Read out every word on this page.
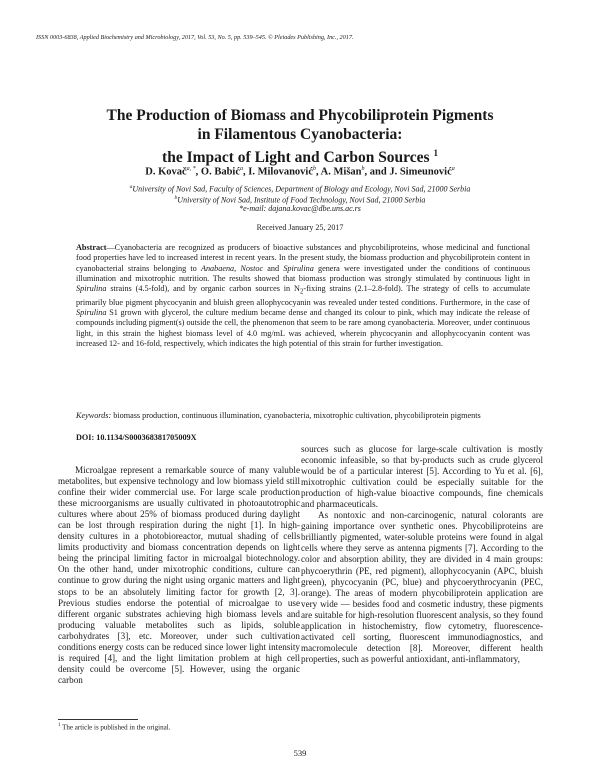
ISSN 0003-6838, Applied Biochemistry and Microbiology, 2017, Vol. 53, No. 5, pp. 539–545. © Pleiades Publishing, Inc., 2017.
The Production of Biomass and Phycobiliprotein Pigments
in Filamentous Cyanobacteria:
the Impact of Light and Carbon Sources $^1$
D. Kovač$^{a, *}$, O. Babić$^a$, I. Milovanović$^b$, A. Mišan$^b$, and J. Simeunović$^a$
$^a$University of Novi Sad, Faculty of Sciences, Department of Biology and Ecology, Novi Sad, 21000 Serbia
$^b$University of Novi Sad, Institute of Food Technology, Novi Sad, 21000 Serbia
*e-mail: dajana.kovac@dbe.uns.ac.rs
Received January 25, 2017
Abstract—Cyanobacteria are recognized as producers of bioactive substances and phycobiliproteins, whose medicinal and functional food properties have led to increased interest in recent years. In the present study, the biomass production and phycobiliprotein content in cyanobacterial strains belonging to Anabaena, Nostoc and Spirulina genera were investigated under the conditions of continuous illumination and mixotrophic nutrition. The results showed that biomass production was strongly stimulated by continuous light in Spirulina strains (4.5-fold), and by organic carbon sources in $N_2$-fixing strains (2.1–2.8-fold). The strategy of cells to accumulate primarily blue pigment phycocyanin and bluish green allophycocyanin was revealed under tested conditions. Furthermore, in the case of Spirulina S1 grown with glycerol, the culture medium became dense and changed its colour to pink, which may indicate the release of compounds including pigment(s) outside the cell, the phenomenon that seem to be rare among cyanobacteria. Moreover, under continuous light, in this strain the highest biomass level of 4.0 mg/mL was achieved, wherein phycocyanin and allophycocyanin content was increased 12- and 16-fold, respectively, which indicates the high potential of this strain for further investigation.
Keywords: biomass production, continuous illumination, cyanobacteria, mixotrophic cultivation, phycobiliprotein pigments
DOI: 10.1134/S000368381705009X

Microalgae represent a remarkable source of many valuble metabolites, but expensive technology and low biomass yield still confine their wider commercial use. For large scale production these microorganisms are usually cultivated in photoautotrophic cultures where about 25% of biomass produced during daylight can be lost through respiration during the night [1]. In high-density cultures in a photobioreactor, mutual shading of cells limits productivity and biomass concentration depends on light being the principal limiting factor in microalgal biotechnology. On the other hand, under mixotrophic conditions, culture can continue to grow during the night using organic matters and light stops to be an absolutely limiting factor for growth [2, 3]. Previous studies endorse the potential of microalgae to use different organic substrates achieving high biomass levels and producing valuable metabolites such as lipids, soluble carbohydrates [3], etc. Moreover, under such cultivation conditions energy costs can be reduced since lower light intensity is required [4], and the light limitation problem at high cell density could be overcome [5]. However, using the organic carbon

sources such as glucose for large-scale cultivation is mostly economic infeasible, so that by-products such as crude glycerol would be of a particular interest [5]. According to Yu et al. [6], mixotrophic cultivation could be especially suitable for the production of high-value bioactive compounds, fine chemicals and pharmaceuticals.

As nontoxic and non-carcinogenic, natural colorants are gaining importance over synthetic ones. Phycobiliproteins are brilliantly pigmented, water-soluble proteins were found in algal cells where they serve as antenna pigments [7]. According to the color and absorption ability, they are divided in 4 main groups: phycoerythrin (PE, red pigment), allophycocyanin (APC, bluish green), phycocyanin (PC, blue) and phycoerythrocyanin (PEC, orange). The areas of modern phycobiliprotein application are very wide — besides food and cosmetic industry, these pigments are suitable for high-resolution fluorescent analysis, so they found application in histochemistry, flow cytometry, fluorescence-activated cell sorting, fluorescent immunodiagnostics, and macromolecule detection [8]. Moreover, different health properties, such as powerful antioxidant, anti-inflammatory,

$^1$ The article is published in the original.
539
